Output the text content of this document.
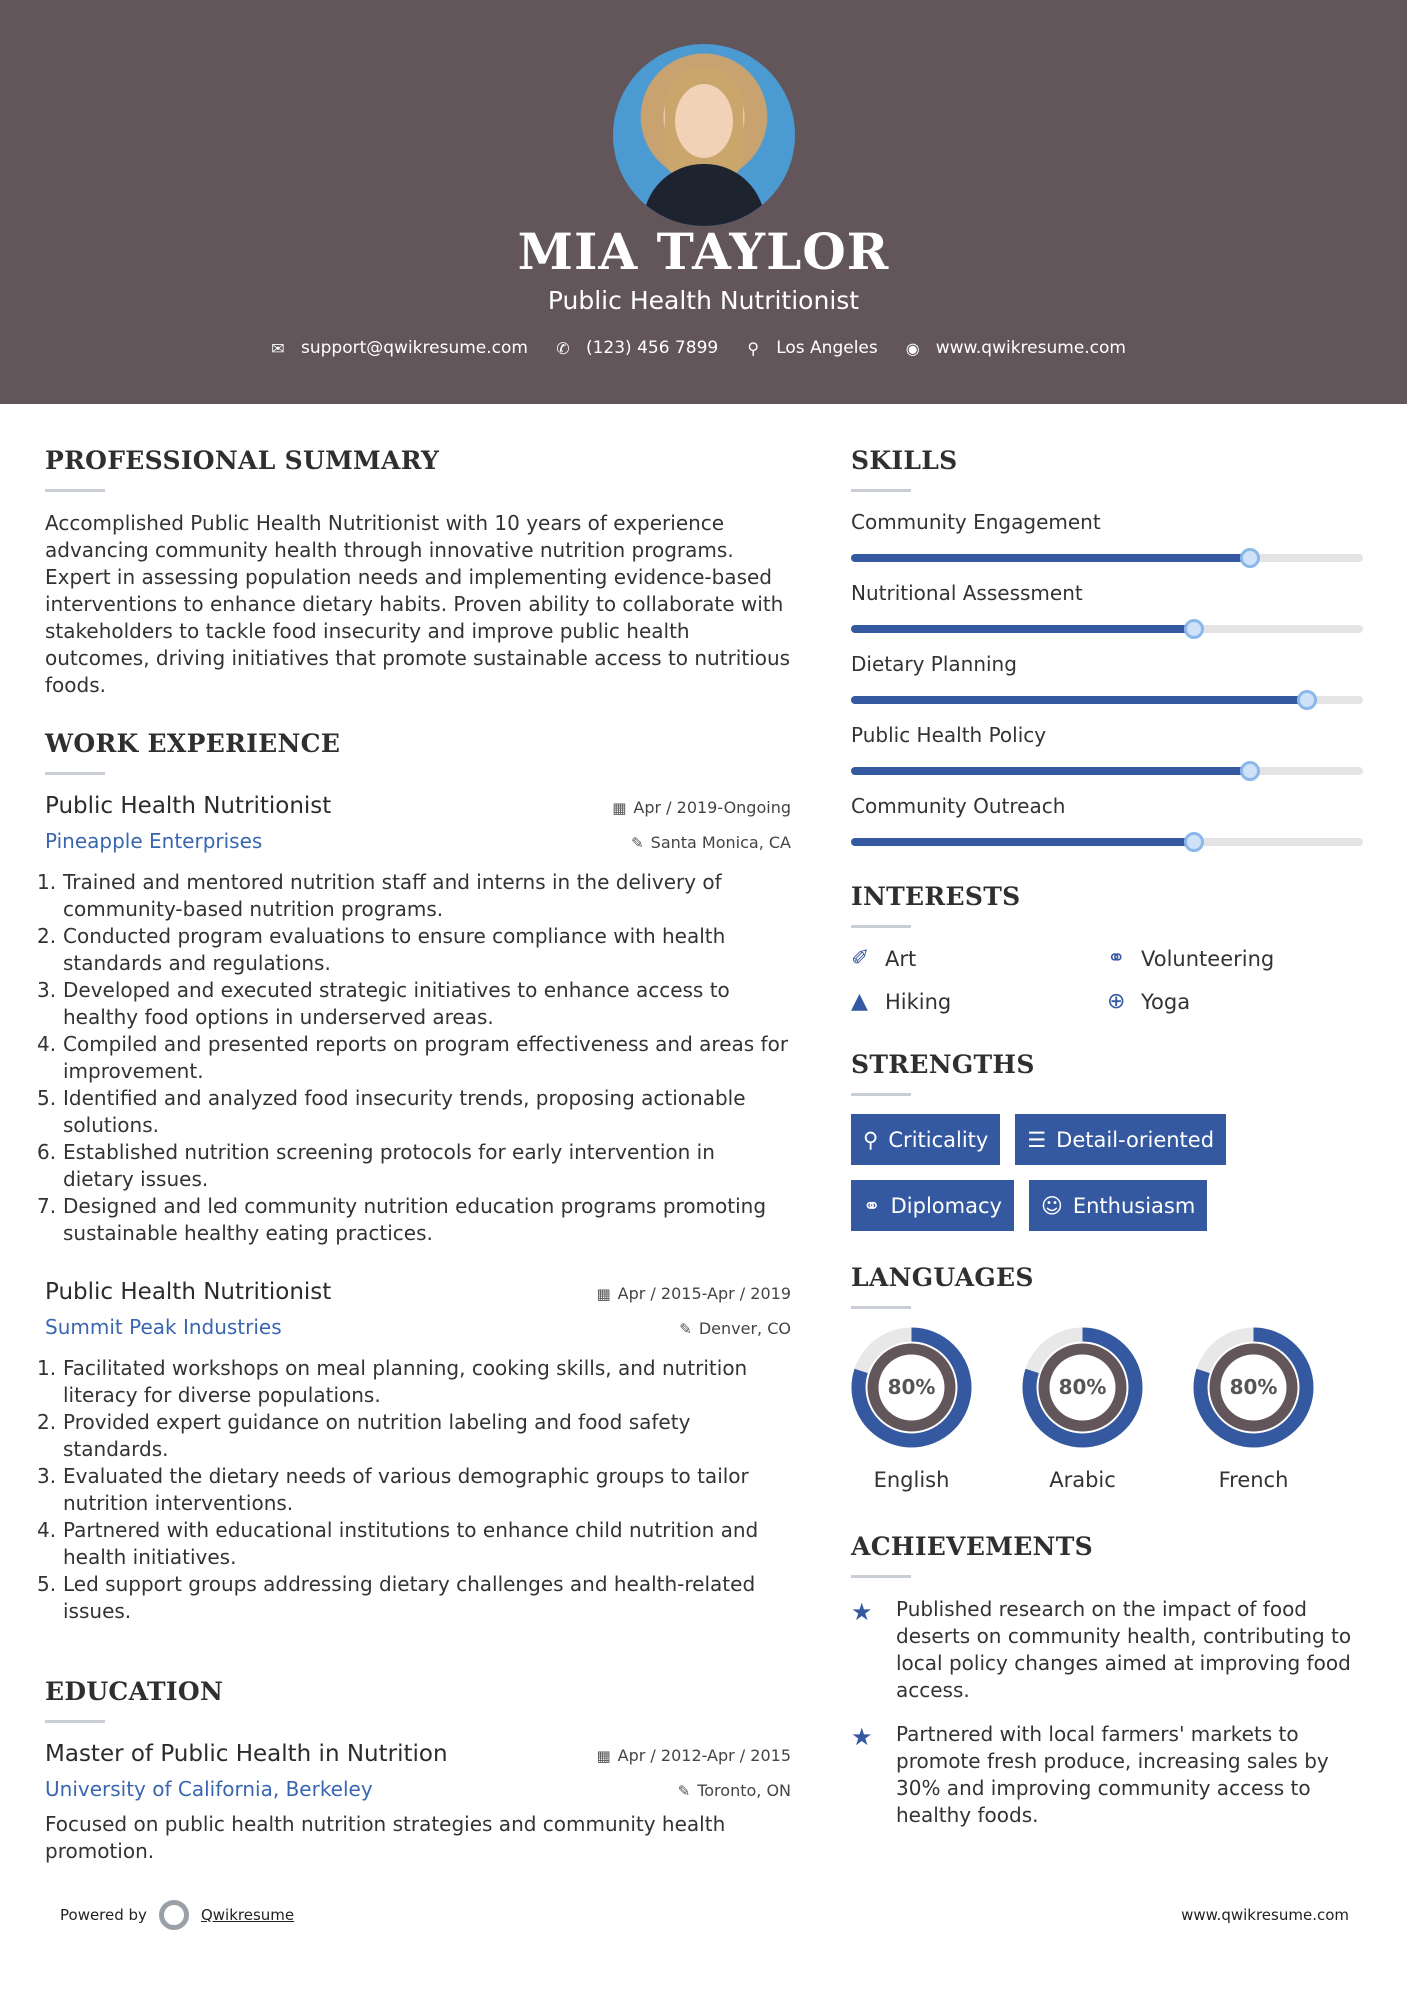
MIA TAYLOR
Public Health Nutritionist
✉ support@qwikresume.com ✆ (123) 456 7899 ⚲ Los Angeles ◉ www.qwikresume.com
PROFESSIONAL SUMMARY
Accomplished Public Health Nutritionist with 10 years of experience advancing community health through innovative nutrition programs. Expert in assessing population needs and implementing evidence-based interventions to enhance dietary habits. Proven ability to collaborate with stakeholders to tackle food insecurity and improve public health outcomes, driving initiatives that promote sustainable access to nutritious foods.
WORK EXPERIENCE
Public Health Nutritionist	▦ Apr / 2019-Ongoing
Pineapple Enterprises	✎ Santa Monica, CA
1. Trained and mentored nutrition staff and interns in the delivery of community-based nutrition programs.
2. Conducted program evaluations to ensure compliance with health standards and regulations.
3. Developed and executed strategic initiatives to enhance access to healthy food options in underserved areas.
4. Compiled and presented reports on program effectiveness and areas for improvement.
5. Identified and analyzed food insecurity trends, proposing actionable solutions.
6. Established nutrition screening protocols for early intervention in dietary issues.
7. Designed and led community nutrition education programs promoting sustainable healthy eating practices.
Public Health Nutritionist	▦ Apr / 2015-Apr / 2019
Summit Peak Industries	✎ Denver, CO
1. Facilitated workshops on meal planning, cooking skills, and nutrition literacy for diverse populations.
2. Provided expert guidance on nutrition labeling and food safety standards.
3. Evaluated the dietary needs of various demographic groups to tailor nutrition interventions.
4. Partnered with educational institutions to enhance child nutrition and health initiatives.
5. Led support groups addressing dietary challenges and health-related issues.
EDUCATION
Master of Public Health in Nutrition	▦ Apr / 2012-Apr / 2015
University of California, Berkeley	✎ Toronto, ON
Focused on public health nutrition strategies and community health promotion.
SKILLS
Community Engagement
Nutritional Assessment
Dietary Planning
Public Health Policy
Community Outreach
INTERESTS
✐ Art	⚭ Volunteering
▲ Hiking	⊕ Yoga
STRENGTHS
⚲ Criticality ☰ Detail-oriented
⚭ Diplomacy ☺ Enthusiasm
LANGUAGES
80%
English
80%
Arabic
80%
French
ACHIEVEMENTS
★	Published research on the impact of food deserts on community health, contributing to local policy changes aimed at improving food access.
★	Partnered with local farmers' markets to promote fresh produce, increasing sales by 30% and improving community access to healthy foods.
Powered by	Qwikresume	www.qwikresume.com
